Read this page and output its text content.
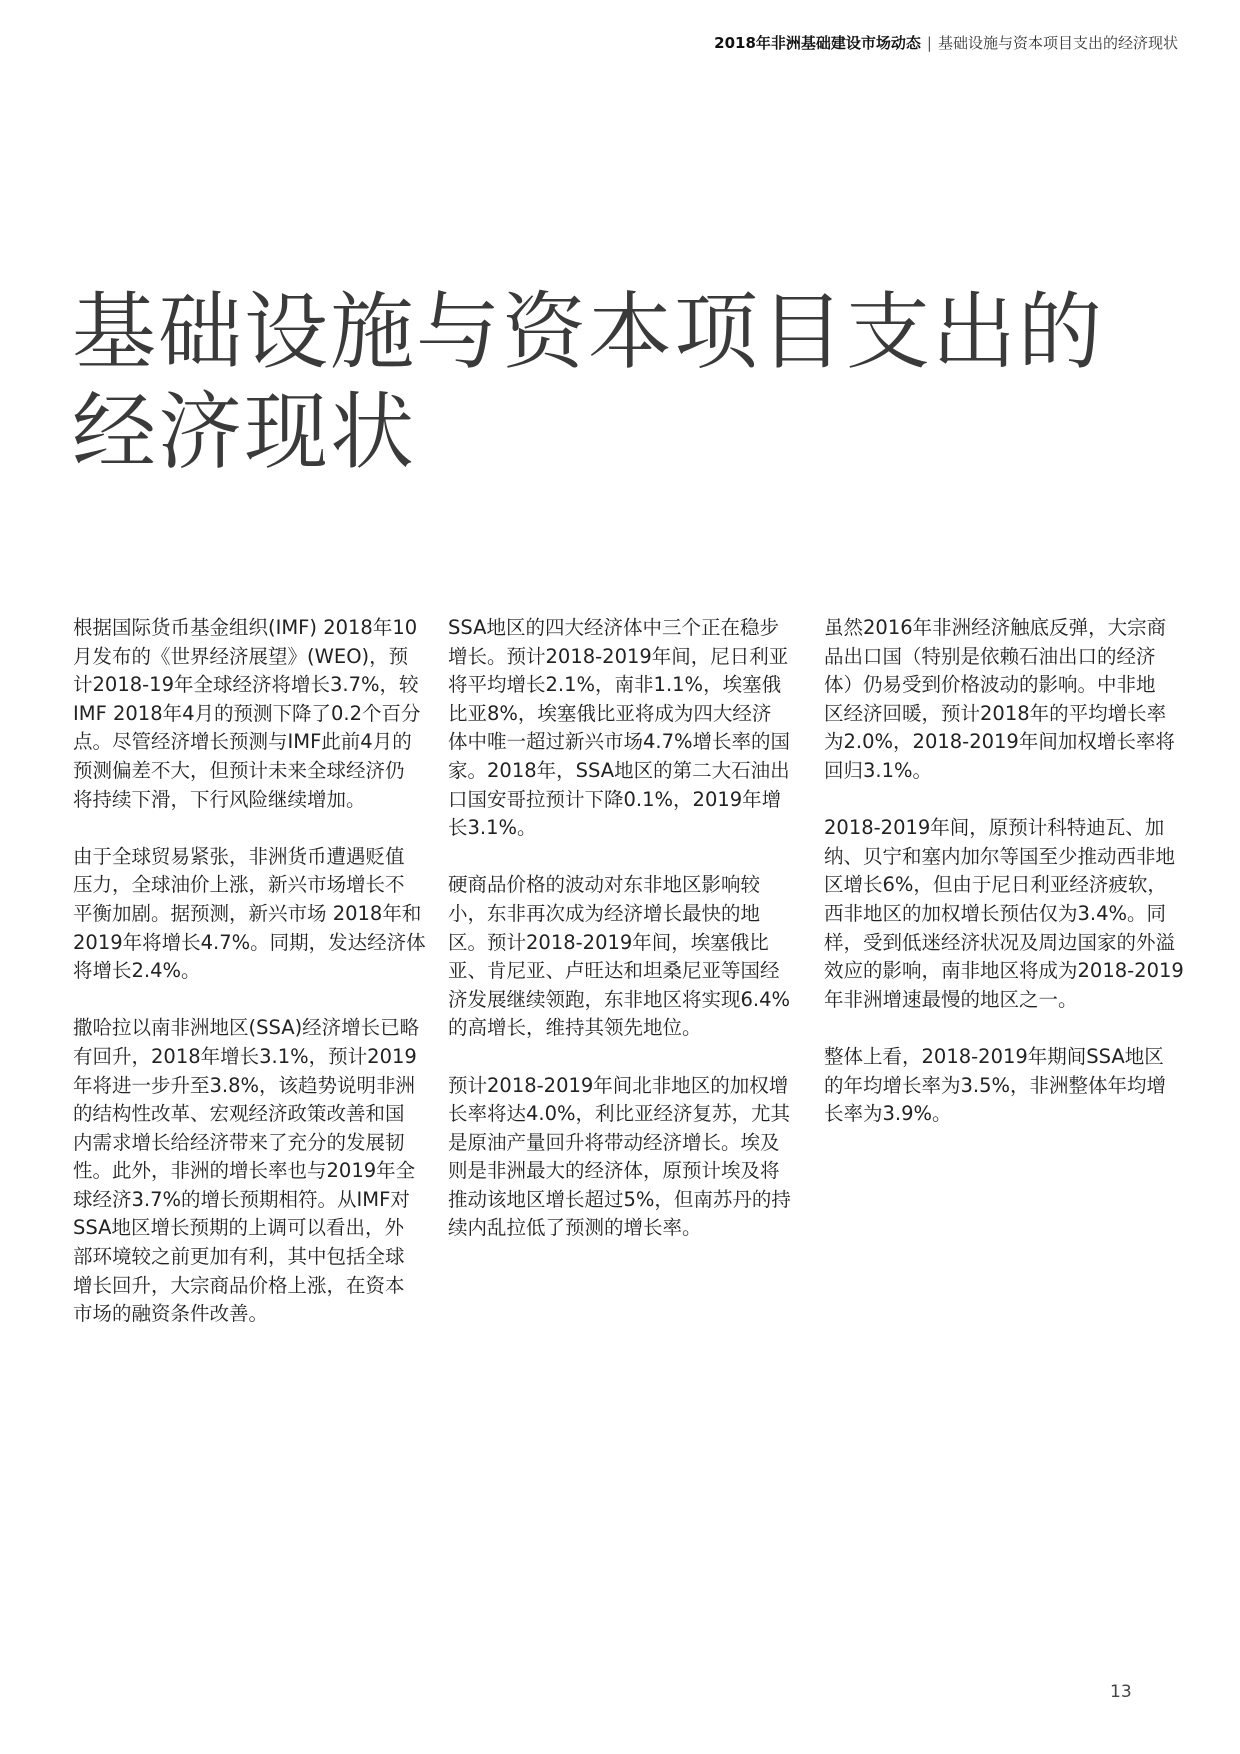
2018年非洲基础建设市场动态 | 基础设施与资本项目支出的经济现状
基础设施与资本项目支出的
经济现状

根据国际货币基金组织(IMF) 2018年10
月发布的《世界经济展望》(WEO)，预
计2018-19年全球经济将增长3.7%，较
IMF 2018年4月的预测下降了0.2个百分
点。尽管经济增长预测与IMF此前4月的
预测偏差不大，但预计未来全球经济仍
将持续下滑，下行风险继续增加。

由于全球贸易紧张，非洲货币遭遇贬值
压力，全球油价上涨，新兴市场增长不
平衡加剧。据预测，新兴市场 2018年和
2019年将增长4.7%。同期，发达经济体
将增长2.4%。

撒哈拉以南非洲地区(SSA)经济增长已略
有回升，2018年增长3.1%，预计2019
年将进一步升至3.8%，该趋势说明非洲
的结构性改革、宏观经济政策改善和国
内需求增长给经济带来了充分的发展韧
性。此外，非洲的增长率也与2019年全
球经济3.7%的增长预期相符。从IMF对
SSA地区增长预期的上调可以看出，外
部环境较之前更加有利，其中包括全球
增长回升，大宗商品价格上涨，在资本
市场的融资条件改善。

SSA地区的四大经济体中三个正在稳步
增长。预计2018-2019年间，尼日利亚
将平均增长2.1%，南非1.1%，埃塞俄
比亚8%，埃塞俄比亚将成为四大经济
体中唯一超过新兴市场4.7%增长率的国
家。2018年，SSA地区的第二大石油出
口国安哥拉预计下降0.1%，2019年增
长3.1%。

硬商品价格的波动对东非地区影响较
小，东非再次成为经济增长最快的地
区。预计2018-2019年间，埃塞俄比
亚、肯尼亚、卢旺达和坦桑尼亚等国经
济发展继续领跑，东非地区将实现6.4%
的高增长，维持其领先地位。

预计2018-2019年间北非地区的加权增
长率将达4.0%，利比亚经济复苏，尤其
是原油产量回升将带动经济增长。埃及
则是非洲最大的经济体，原预计埃及将
推动该地区增长超过5%，但南苏丹的持
续内乱拉低了预测的增长率。

虽然2016年非洲经济触底反弹，大宗商
品出口国（特别是依赖石油出口的经济
体）仍易受到价格波动的影响。中非地
区经济回暖，预计2018年的平均增长率
为2.0%，2018-2019年间加权增长率将
回归3.1%。

2018-2019年间，原预计科特迪瓦、加
纳、贝宁和塞内加尔等国至少推动西非地
区增长6%，但由于尼日利亚经济疲软，
西非地区的加权增长预估仅为3.4%。同
样，受到低迷经济状况及周边国家的外溢
效应的影响，南非地区将成为2018-2019
年非洲增速最慢的地区之一。

整体上看，2018-2019年期间SSA地区
的年均增长率为3.5%，非洲整体年均增
长率为3.9%。

13
